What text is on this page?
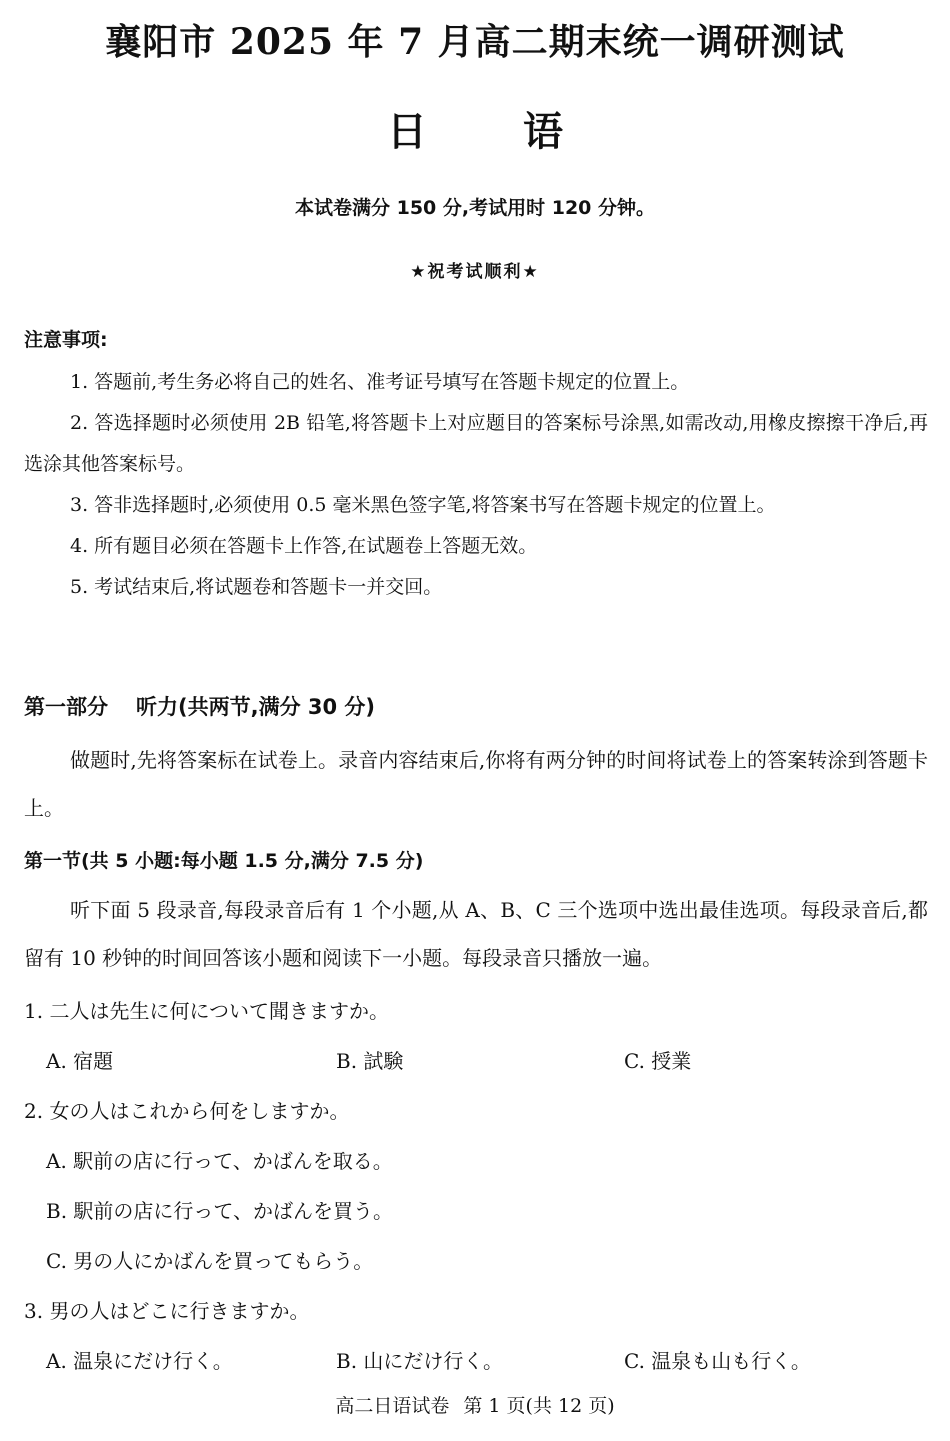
襄阳市 2025 年 7 月高二期末统一调研测试
日 语
本试卷满分 150 分,考试用时 120 分钟。
★祝考试顺利★
注意事项:

1. 答题前,考生务必将自己的姓名、准考证号填写在答题卡规定的位置上。

2. 答选择题时必须使用 2B 铅笔,将答题卡上对应题目的答案标号涂黑,如需改动,用橡皮擦擦干净后,再选涂其他答案标号。

3. 答非选择题时,必须使用 0.5 毫米黑色签字笔,将答案书写在答题卡规定的位置上。

4. 所有题目必须在答题卡上作答,在试题卷上答题无效。

5. 考试结束后,将试题卷和答题卡一并交回。

第一部分 听力(共两节,满分 30 分)

做题时,先将答案标在试卷上。录音内容结束后,你将有两分钟的时间将试卷上的答案转涂到答题卡上。

第一节(共 5 小题:每小题 1.5 分,满分 7.5 分)

听下面 5 段录音,每段录音后有 1 个小题,从 A、B、C 三个选项中选出最佳选项。每段录音后,都留有 10 秒钟的时间回答该小题和阅读下一小题。每段录音只播放一遍。

1. 二人は先生に何について聞きますか。
A. 宿題	B. 試験	C. 授業
2. 女の人はこれから何をしますか。
A. 駅前の店に行って、かばんを取る。
B. 駅前の店に行って、かばんを買う。
C. 男の人にかばんを買ってもらう。
3. 男の人はどこに行きますか。
A. 温泉にだけ行く。	B. 山にだけ行く。	C. 温泉も山も行く。
高二日语试卷 第 1 页(共 12 页)
